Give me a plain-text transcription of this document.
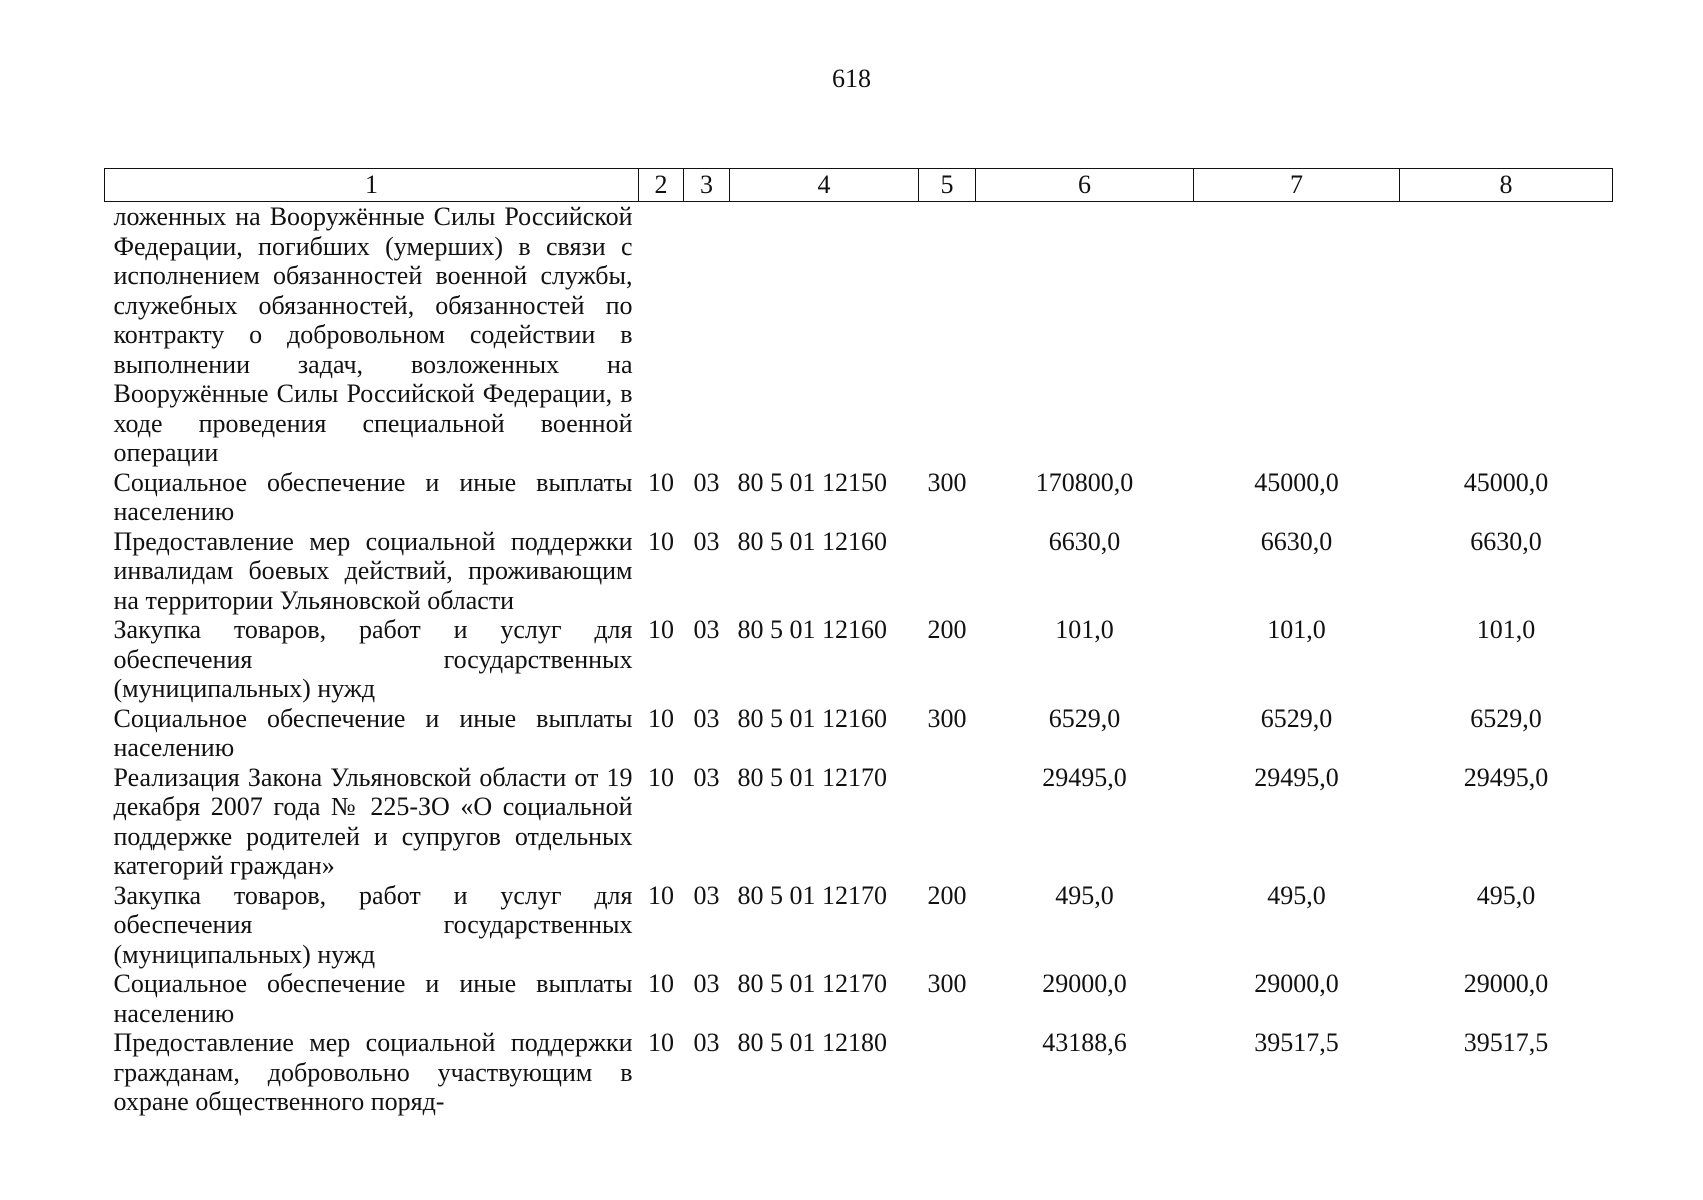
618
1	2	3	4	5	6	7	8
ложенных на Вооружённые Силы Российской Федерации, погибших (умерших) в связи с исполнением обязанностей военной службы, служебных обязанностей, обязанностей по контракту о добровольном содействии в выполнении задач, возложенных на Вооружённые Силы Российской Федерации, в ходе проведения специальной военной операции							
Социальное обеспечение и иные выплаты населению	10	03	80 5 01 12150	300	170800,0	45000,0	45000,0
Предоставление мер социальной поддержки инвалидам боевых действий, проживающим на территории Ульяновской области	10	03	80 5 01 12160		6630,0	6630,0	6630,0
Закупка товаров, работ и услуг для обеспечения государственных (муниципальных) нужд	10	03	80 5 01 12160	200	101,0	101,0	101,0
Социальное обеспечение и иные выплаты населению	10	03	80 5 01 12160	300	6529,0	6529,0	6529,0
Реализация Закона Ульяновской области от 19 декабря 2007 года № 225-ЗО «О социальной поддержке родителей и супругов отдельных категорий граждан»	10	03	80 5 01 12170		29495,0	29495,0	29495,0
Закупка товаров, работ и услуг для обеспечения государственных (муниципальных) нужд	10	03	80 5 01 12170	200	495,0	495,0	495,0
Социальное обеспечение и иные выплаты населению	10	03	80 5 01 12170	300	29000,0	29000,0	29000,0
Предоставление мер социальной поддержки гражданам, добровольно участвующим в охране общественного поряд-	10	03	80 5 01 12180		43188,6	39517,5	39517,5
